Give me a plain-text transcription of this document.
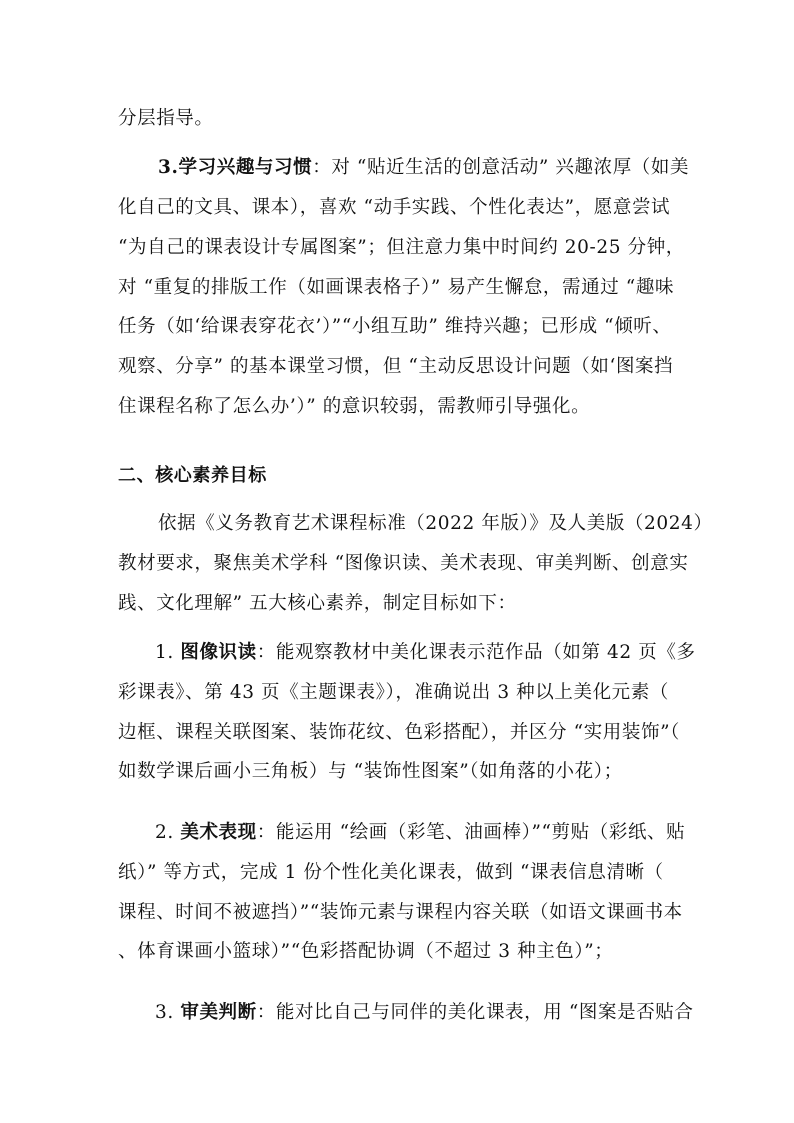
分层指导。
3.学习兴趣与习惯：对 “贴近生活的创意活动” 兴趣浓厚（如美
化自己的文具、课本），喜欢 “动手实践、个性化表达”，愿意尝试
“为自己的课表设计专属图案”；但注意力集中时间约 20-25 分钟，
对 “重复的排版工作（如画课表格子）” 易产生懈怠，需通过 “趣味
任务（如‘给课表穿花衣’）”“小组互助” 维持兴趣；已形成 “倾听、
观察、分享” 的基本课堂习惯，但 “主动反思设计问题（如‘图案挡
住课程名称了怎么办’）” 的意识较弱，需教师引导强化。
二、核心素养目标
依据《义务教育艺术课程标准（2022 年版）》及人美版（2024）
教材要求，聚焦美术学科 “图像识读、美术表现、审美判断、创意实
践、文化理解” 五大核心素养，制定目标如下：
1. 图像识读：能观察教材中美化课表示范作品（如第 42 页《多
彩课表》、第 43 页《主题课表》），准确说出 3 种以上美化元素（
边框、课程关联图案、装饰花纹、色彩搭配），并区分 “实用装饰”（
如数学课后画小三角板）与 “装饰性图案”（如角落的小花）；
2. 美术表现：能运用 “绘画（彩笔、油画棒）”“剪贴（彩纸、贴
纸）” 等方式，完成 1 份个性化美化课表，做到 “课表信息清晰（
课程、时间不被遮挡）”“装饰元素与课程内容关联（如语文课画书本
、体育课画小篮球）”“色彩搭配协调（不超过 3 种主色）”；
3. 审美判断：能对比自己与同伴的美化课表，用 “图案是否贴合
